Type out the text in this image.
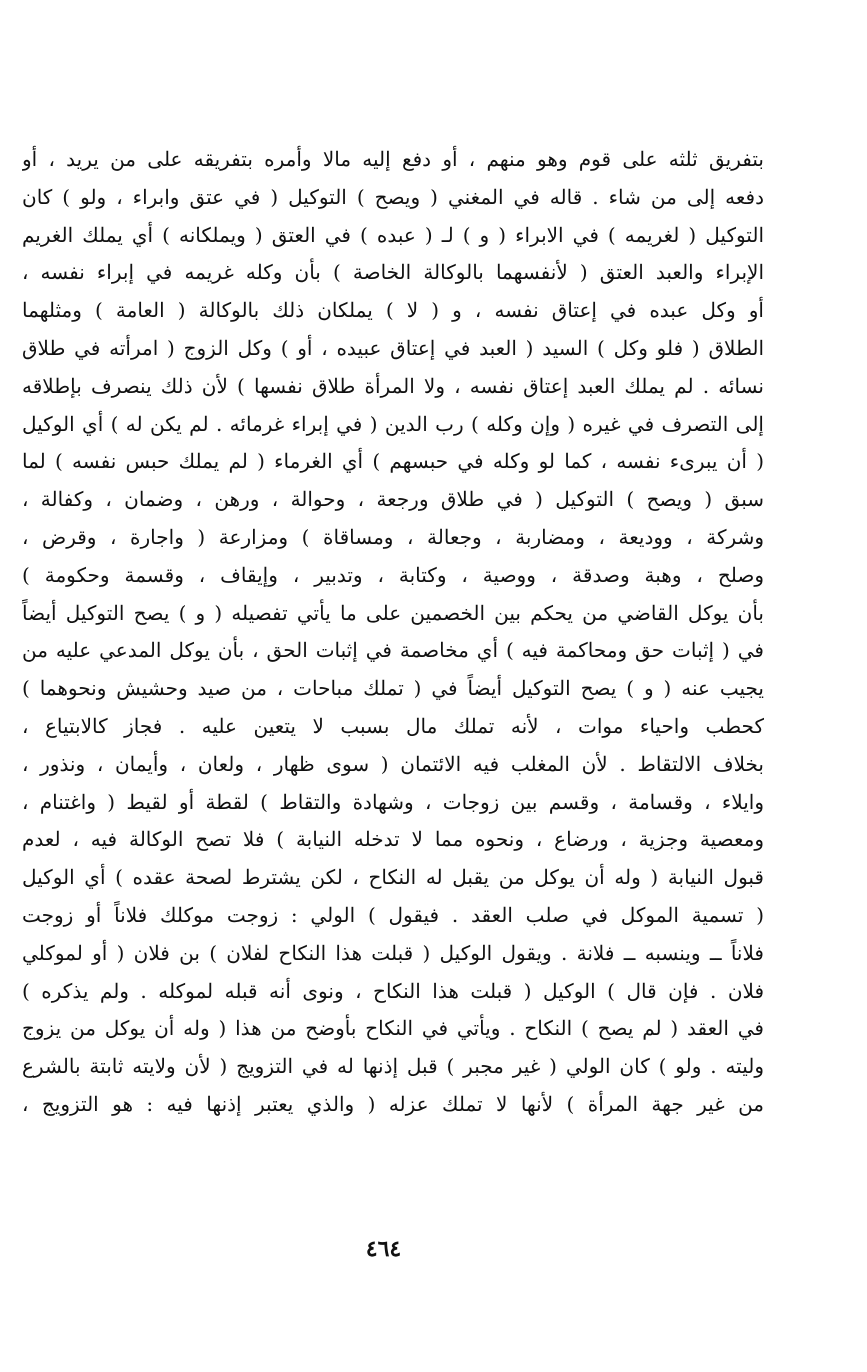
بتفريق ثلثه على قوم وهو منهم ، أو دفع إليه مالا وأمره بتفريقه على من يريد ، أو
دفعه إلى من شاء . قاله في المغني ( ويصح ) التوكيل ( في عتق وابراء ، ولو ) كان
التوكيل ( لغريمه ) في الابراء ( و ) لـ ( عبده ) في العتق ( ويملكانه ) أي يملك الغريم
الإبراء والعبد العتق ( لأنفسهما بالوكالة الخاصة ) بأن وكله غريمه في إبراء نفسه ،
أو وكل عبده في إعتاق نفسه ، و ( لا ) يملكان ذلك بالوكالة ( العامة ) ومثلهما
الطلاق ( فلو وكل ) السيد ( العبد في إعتاق عبيده ، أو ) وكل الزوج ( امرأته في طلاق
نسائه . لم يملك العبد إعتاق نفسه ، ولا المرأة طلاق نفسها ) لأن ذلك ينصرف بإطلاقه
إلى التصرف في غيره ( وإن وكله ) رب الدين ( في إبراء غرمائه . لم يكن له ) أي الوكيل
( أن يبرىء نفسه ، كما لو وكله في حبسهم ) أي الغرماء ( لم يملك حبس نفسه ) لما
سبق ( ويصح ) التوكيل ( في طلاق ورجعة ، وحوالة ، ورهن ، وضمان ، وكفالة ،
وشركة ، ووديعة ، ومضاربة ، وجعالة ، ومساقاة ) ومزارعة ( واجارة ، وقرض ،
وصلح ، وهبة وصدقة ، ووصية ، وكتابة ، وتدبير ، وإيقاف ، وقسمة وحكومة )
بأن يوكل القاضي من يحكم بين الخصمين على ما يأتي تفصيله ( و ) يصح التوكيل أيضاً
في ( إثبات حق ومحاكمة فيه ) أي مخاصمة في إثبات الحق ، بأن يوكل المدعي عليه من
يجيب عنه ( و ) يصح التوكيل أيضاً في ( تملك مباحات ، من صيد وحشيش ونحوهما )
كحطب واحياء موات ، لأنه تملك مال بسبب لا يتعين عليه . فجاز كالابتياع ،
بخلاف الالتقاط . لأن المغلب فيه الائتمان ( سوى ظهار ، ولعان ، وأيمان ، ونذور ،
وايلاء ، وقسامة ، وقسم بين زوجات ، وشهادة والتقاط ) لقطة أو لقيط ( واغتنام ،
ومعصية وجزية ، ورضاع ، ونحوه مما لا تدخله النيابة ) فلا تصح الوكالة فيه ، لعدم
قبول النيابة ( وله أن يوكل من يقبل له النكاح ، لكن يشترط لصحة عقده ) أي الوكيل
( تسمية الموكل في صلب العقد . فيقول ) الولي : زوجت موكلك فلاناً أو زوجت
فلاناً ــ وينسبه ــ فلانة . ويقول الوكيل ( قبلت هذا النكاح لفلان ) بن فلان ( أو لموكلي
فلان . فإن قال ) الوكيل ( قبلت هذا النكاح ، ونوى أنه قبله لموكله . ولم يذكره )
في العقد ( لم يصح ) النكاح . ويأتي في النكاح بأوضح من هذا ( وله أن يوكل من يزوج
وليته . ولو ) كان الولي ( غير مجبر ) قبل إذنها له في التزويج ( لأن ولايته ثابتة بالشرع
من غير جهة المرأة ) لأنها لا تملك عزله ( والذي يعتبر إذنها فيه : هو التزويج ،
٤٦٤
